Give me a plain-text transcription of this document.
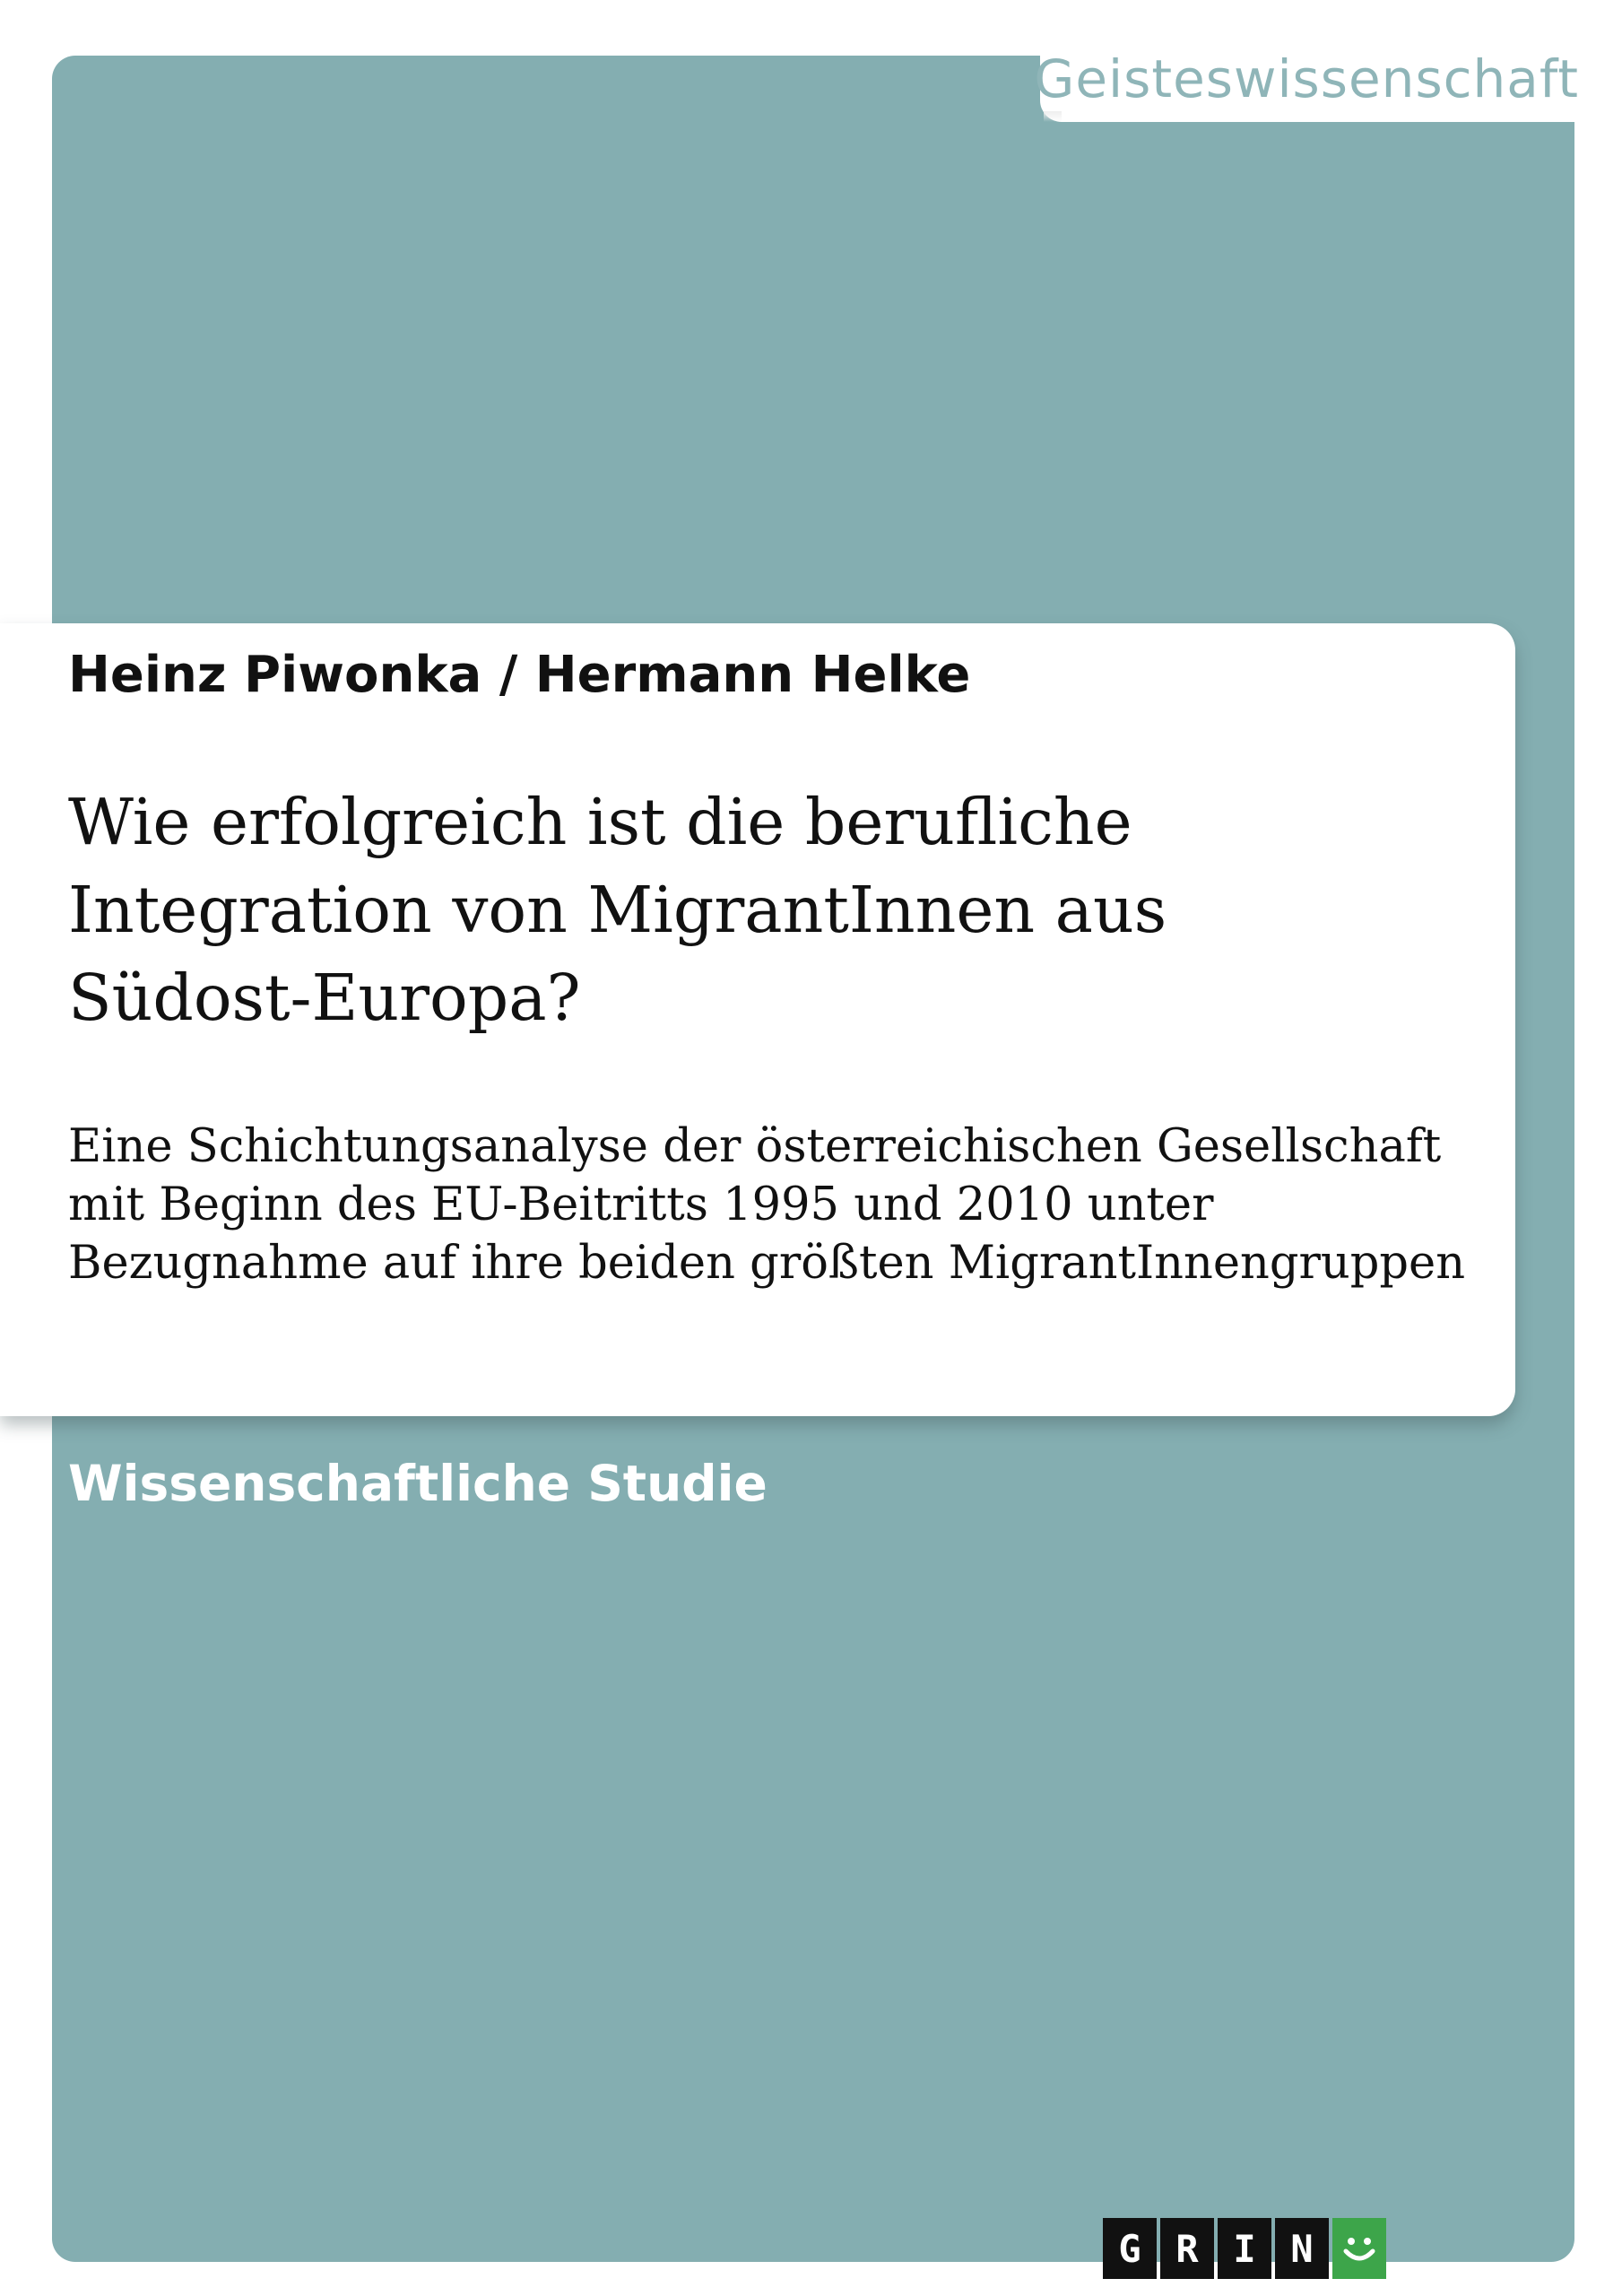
Geisteswissenschaft
Heinz Piwonka / Hermann Helke
Wie erfolgreich ist die berufliche Integration von MigrantInnen aus Südost-Europa?

Eine Schichtungsanalyse der österreichischen Gesellschaft mit Beginn des EU-Beitritts 1995 und 2010 unter Bezugnahme auf ihre beiden größten MigrantInnengruppen

Wissenschaftliche Studie
G R I N
